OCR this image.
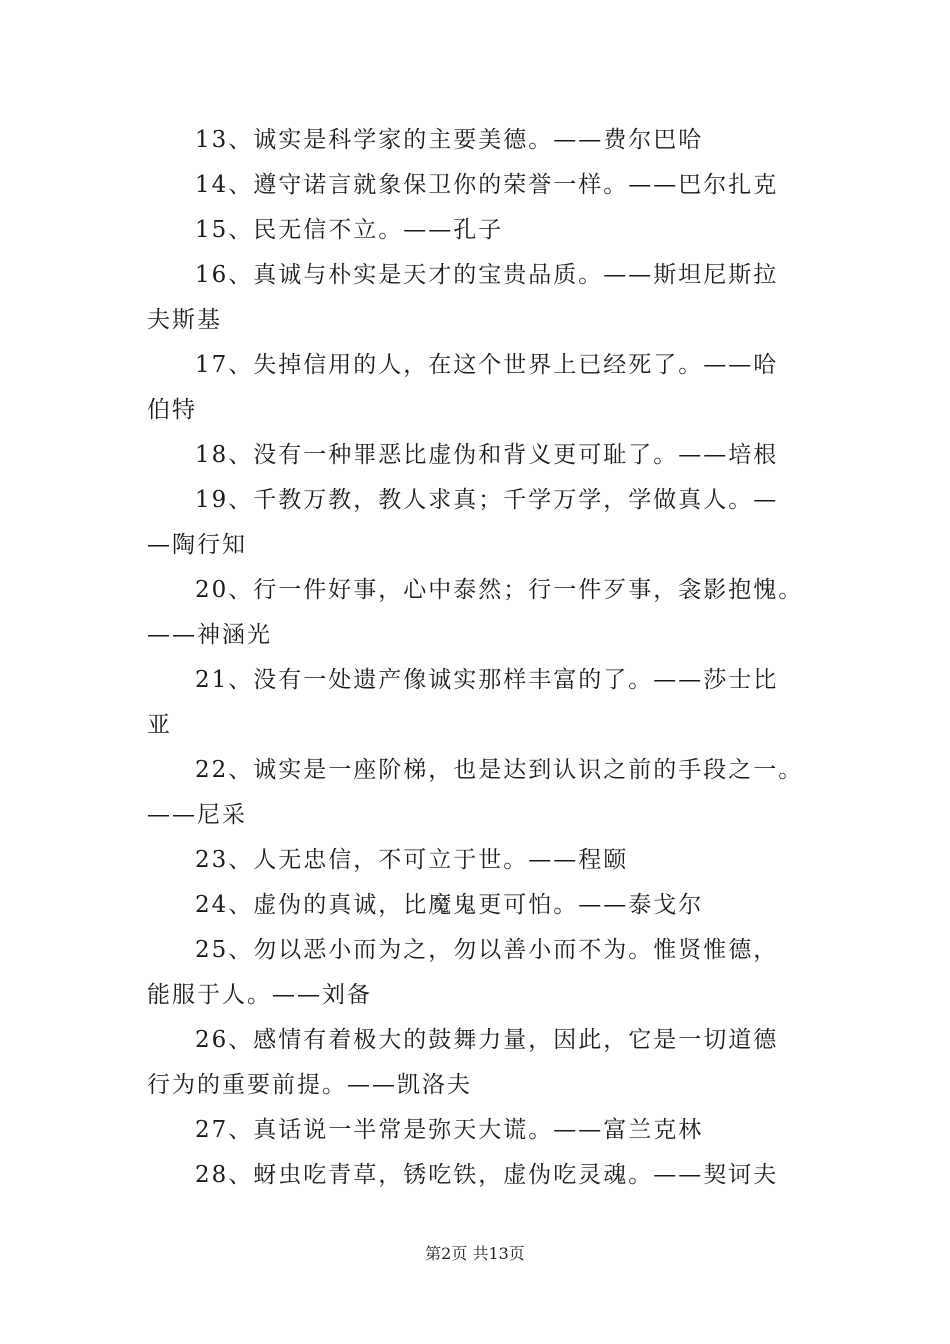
13、诚实是科学家的主要美德。——费尔巴哈

14、遵守诺言就象保卫你的荣誉一样。——巴尔扎克

15、民无信不立。——孔子

16、真诚与朴实是天才的宝贵品质。——斯坦尼斯拉
夫斯基

17、失掉信用的人，在这个世界上已经死了。——哈
伯特

18、没有一种罪恶比虚伪和背义更可耻了。——培根

19、千教万教，教人求真；千学万学，学做真人。—
—陶行知

20、行一件好事，心中泰然；行一件歹事，衾影抱愧。
——神涵光

21、没有一处遗产像诚实那样丰富的了。——莎士比
亚

22、诚实是一座阶梯，也是达到认识之前的手段之一。
——尼采

23、人无忠信，不可立于世。——程颐

24、虚伪的真诚，比魔鬼更可怕。——泰戈尔

25、勿以恶小而为之，勿以善小而不为。惟贤惟德，
能服于人。——刘备

26、感情有着极大的鼓舞力量，因此，它是一切道德
行为的重要前提。——凯洛夫

27、真话说一半常是弥天大谎。——富兰克林

28、蚜虫吃青草，锈吃铁，虚伪吃灵魂。——契诃夫

第2页 共13页
